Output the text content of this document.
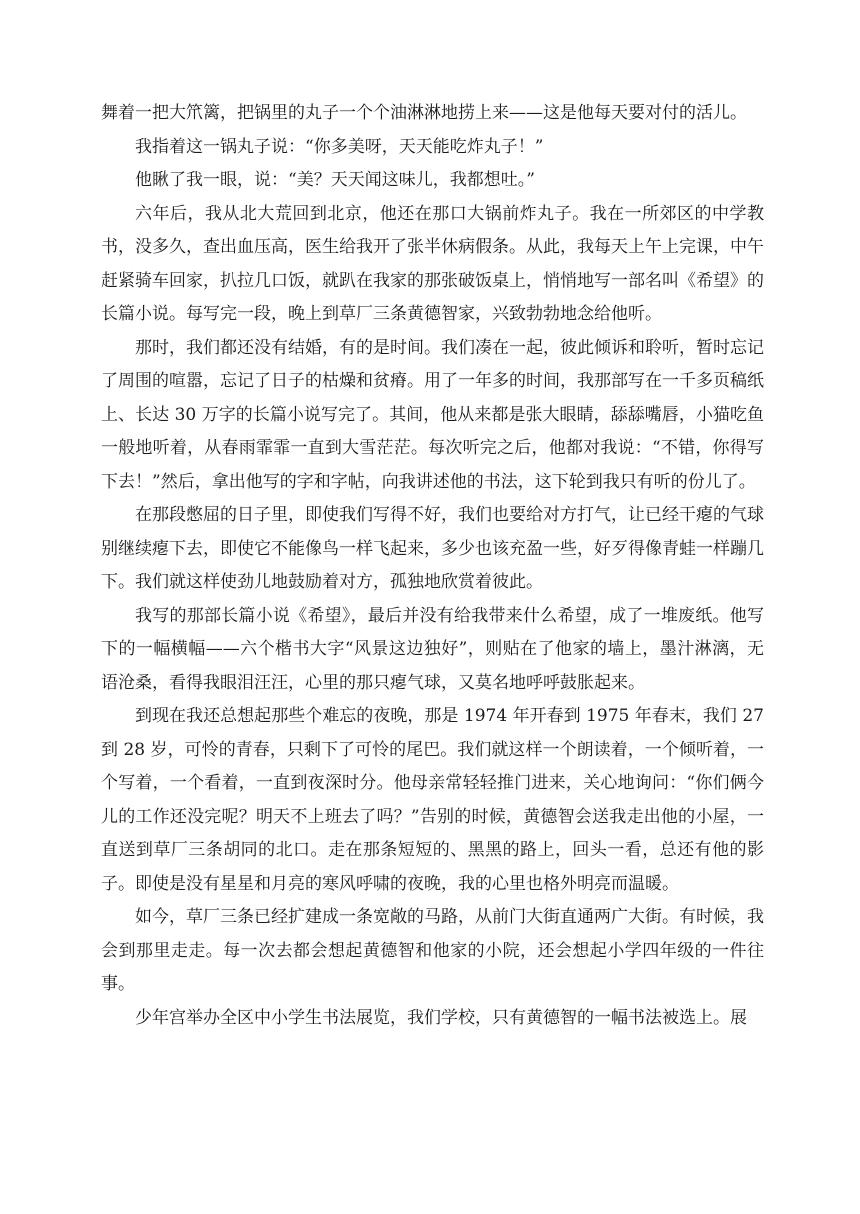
舞着一把大笊篱，把锅里的丸子一个个油淋淋地捞上来——这是他每天要对付的活儿。

我指着这一锅丸子说：“你多美呀，天天能吃炸丸子！”

他瞅了我一眼，说：“美？天天闻这味儿，我都想吐。”

六年后，我从北大荒回到北京，他还在那口大锅前炸丸子。我在一所郊区的中学教书，没多久，查出血压高，医生给我开了张半休病假条。从此，我每天上午上完课，中午赶紧骑车回家，扒拉几口饭，就趴在我家的那张破饭桌上，悄悄地写一部名叫《希望》的长篇小说。每写完一段，晚上到草厂三条黄德智家，兴致勃勃地念给他听。

那时，我们都还没有结婚，有的是时间。我们凑在一起，彼此倾诉和聆听，暂时忘记了周围的喧嚣，忘记了日子的枯燥和贫瘠。用了一年多的时间，我那部写在一千多页稿纸上、长达 30 万字的长篇小说写完了。其间，他从来都是张大眼睛，舔舔嘴唇，小猫吃鱼一般地听着，从春雨霏霏一直到大雪茫茫。每次听完之后，他都对我说：“不错，你得写下去！”然后，拿出他写的字和字帖，向我讲述他的书法，这下轮到我只有听的份儿了。

在那段憋屈的日子里，即使我们写得不好，我们也要给对方打气，让已经干瘪的气球别继续瘪下去，即使它不能像鸟一样飞起来，多少也该充盈一些，好歹得像青蛙一样蹦几下。我们就这样使劲儿地鼓励着对方，孤独地欣赏着彼此。

我写的那部长篇小说《希望》，最后并没有给我带来什么希望，成了一堆废纸。他写下的一幅横幅——六个楷书大字“风景这边独好”，则贴在了他家的墙上，墨汁淋漓，无语沧桑，看得我眼泪汪汪，心里的那只瘪气球，又莫名地呼呼鼓胀起来。

到现在我还总想起那些个难忘的夜晚，那是 1974 年开春到 1975 年春末，我们 27 到 28 岁，可怜的青春，只剩下了可怜的尾巴。我们就这样一个朗读着，一个倾听着，一个写着，一个看着，一直到夜深时分。他母亲常轻轻推门进来，关心地询问：“你们俩今儿的工作还没完呢？明天不上班去了吗？”告别的时候，黄德智会送我走出他的小屋，一直送到草厂三条胡同的北口。走在那条短短的、黑黑的路上，回头一看，总还有他的影子。即使是没有星星和月亮的寒风呼啸的夜晚，我的心里也格外明亮而温暖。

如今，草厂三条已经扩建成一条宽敞的马路，从前门大街直通两广大街。有时候，我会到那里走走。每一次去都会想起黄德智和他家的小院，还会想起小学四年级的一件往事。

少年宫举办全区中小学生书法展览，我们学校，只有黄德智的一幅书法被选上。展
